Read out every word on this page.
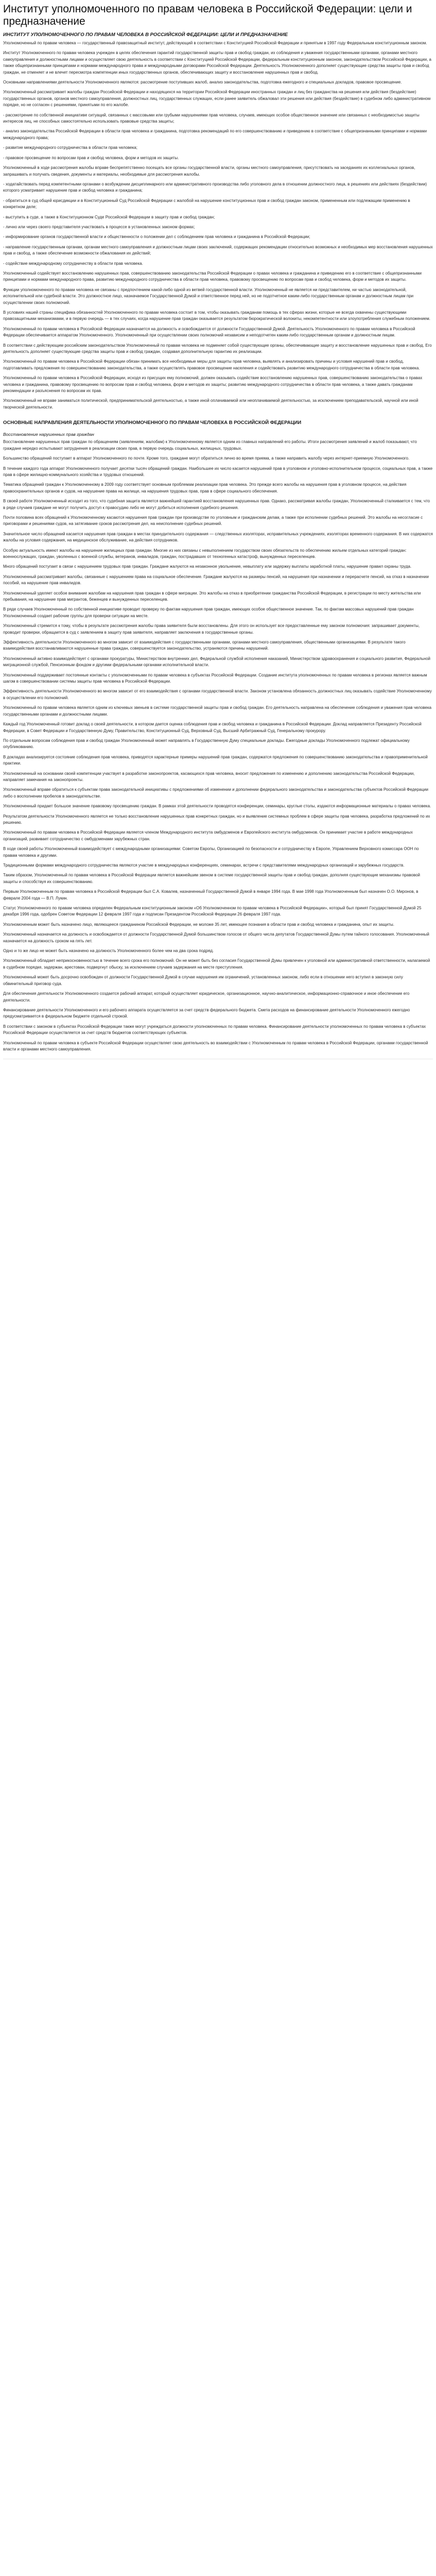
Институт уполномоченного по правам человека в Российской Федерации: цели и предназначение
ИНСТИТУТ УПОЛНОМОЧЕННОГО ПО ПРАВАМ ЧЕЛОВЕКА В РОССИЙСКОЙ ФЕДЕРАЦИИ: ЦЕЛИ И ПРЕДНАЗНАЧЕНИЕ

Уполномоченный по правам человека — государственный правозащитный институт, действующий в соответствии с Конституцией Российской Федерации и принятым в 1997 году Федеральным конституционным законом.

Институт Уполномоченного по правам человека учрежден в целях обеспечения гарантий государственной защиты прав и свобод граждан, их соблюдения и уважения государственными органами, органами местного самоуправления и должностными лицами и осуществляет свою деятельность в соответствии с Конституцией Российской Федерации, федеральным конституционным законом, законодательством Российской Федерации, а также общепризнанными принципами и нормами международного права и международными договорами Российской Федерации. Деятельность Уполномоченного дополняет существующие средства защиты прав и свобод граждан, не отменяет и не влечет пересмотра компетенции иных государственных органов, обеспечивающих защиту и восстановление нарушенных прав и свобод.

Основными направлениями деятельности Уполномоченного являются: рассмотрение поступивших жалоб, анализ законодательства, подготовка ежегодного и специальных докладов, правовое просвещение.

Уполномоченный рассматривает жалобы граждан Российской Федерации и находящихся на территории Российской Федерации иностранных граждан и лиц без гражданства на решения или действия (бездействие) государственных органов, органов местного самоуправления, должностных лиц, государственных служащих, если ранее заявитель обжаловал эти решения или действия (бездействие) в судебном либо административном порядке, но не согласен с решениями, принятыми по его жалобе.

- рассмотрение по собственной инициативе ситуаций, связанных с массовыми или грубыми нарушениями прав человека, случаев, имеющих особое общественное значение или связанных с необходимостью защиты интересов лиц, не способных самостоятельно использовать правовые средства защиты;

- анализ законодательства Российской Федерации в области прав человека и гражданина, подготовка рекомендаций по его совершенствованию и приведению в соответствие с общепризнанными принципами и нормами международного права;

- развитие международного сотрудничества в области прав человека;

- правовое просвещение по вопросам прав и свобод человека, форм и методов их защиты.

Уполномоченный в ходе рассмотрения жалобы вправе беспрепятственно посещать все органы государственной власти, органы местного самоуправления, присутствовать на заседаниях их коллегиальных органов, запрашивать и получать сведения, документы и материалы, необходимые для рассмотрения жалобы.

- ходатайствовать перед компетентными органами о возбуждении дисциплинарного или административного производства либо уголовного дела в отношении должностного лица, в решениях или действиях (бездействии) которого усматривает нарушение прав и свобод человека и гражданина;

- обратиться в суд общей юрисдикции и в Конституционный Суд Российской Федерации с жалобой на нарушение конституционных прав и свобод граждан законом, примененным или подлежащим применению в конкретном деле;

- выступить в суде, а также в Конституционном Суде Российской Федерации в защиту прав и свобод граждан;

- лично или через своего представителя участвовать в процессе в установленных законом формах;

- информирование органов государственной власти и общественности о положении дел с соблюдением прав человека и гражданина в Российской Федерации;

- направление государственным органам, органам местного самоуправления и должностным лицам своих заключений, содержащих рекомендации относительно возможных и необходимых мер восстановления нарушенных прав и свобод, а также обеспечение возможности обжалования их действий;

- содействие международному сотрудничеству в области прав человека.

Уполномоченный содействует восстановлению нарушенных прав, совершенствованию законодательства Российской Федерации о правах человека и гражданина и приведению его в соответствие с общепризнанными принципами и нормами международного права, развитию международного сотрудничества в области прав человека, правовому просвещению по вопросам прав и свобод человека, форм и методов их защиты.

Функции уполномоченного по правам человека не связаны с предпочтением какой-либо одной из ветвей государственной власти. Уполномоченный не является ни представителем, ни частью законодательной, исполнительной или судебной власти. Это должностное лицо, назначаемое Государственной Думой и ответственное перед ней, но не подотчетное каким-либо государственным органам и должностным лицам при осуществлении своих полномочий.

В условиях нашей страны специфика обязанностей Уполномоченного по правам человека состоит в том, чтобы оказывать гражданам помощь в тех сферах жизни, которые не всегда охвачены существующими правозащитными механизмами, и в первую очередь — в тех случаях, когда нарушение прав граждан оказывается результатом бюрократической волокиты, некомпетентности или злоупотребления служебным положением.

Уполномоченный по правам человека в Российской Федерации назначается на должность и освобождается от должности Государственной Думой. Деятельность Уполномоченного по правам человека в Российской Федерации обеспечивается аппаратом Уполномоченного. Уполномоченный при осуществлении своих полномочий независим и неподотчетен каким-либо государственным органам и должностным лицам.

В соответствии с действующим российским законодательством Уполномоченный по правам человека не подменяет собой существующие органы, обеспечивающие защиту и восстановление нарушенных прав и свобод. Его деятельность дополняет существующие средства защиты прав и свобод граждан, создавая дополнительную гарантию их реализации.

Уполномоченный по правам человека в Российской Федерации обязан принимать все необходимые меры для защиты прав человека, выявлять и анализировать причины и условия нарушений прав и свобод, подготавливать предложения по совершенствованию законодательства, а также осуществлять правовое просвещение населения и содействовать развитию международного сотрудничества в области прав человека.

Уполномоченный по правам человека в Российской Федерации, исходя из присущих ему полномочий, должен оказывать содействие восстановлению нарушенных прав, совершенствованию законодательства о правах человека и гражданина, правовому просвещению по вопросам прав и свобод человека, форм и методов их защиты; развитию международного сотрудничества в области прав человека, а также давать гражданам рекомендации и разъяснения по вопросам их прав.

Уполномоченный не вправе заниматься политической, предпринимательской деятельностью, а также иной оплачиваемой или неоплачиваемой деятельностью, за исключением преподавательской, научной или иной творческой деятельности.

ОСНОВНЫЕ НАПРАВЛЕНИЯ ДЕЯТЕЛЬНОСТИ УПОЛНОМОЧЕННОГО ПО ПРАВАМ ЧЕЛОВЕКА В РОССИЙСКОЙ ФЕДЕРАЦИИ
Восстановление нарушенных прав граждан

Восстановление нарушенных прав граждан по обращениям (заявлениям, жалобам) к Уполномоченному является одним из главных направлений его работы. Итоги рассмотрения заявлений и жалоб показывают, что граждане нередко испытывают затруднения в реализации своих прав, в первую очередь социальных, жилищных, трудовых.

Большинство обращений поступает в аппарат Уполномоченного по почте. Кроме того, граждане могут обратиться лично во время приема, а также направить жалобу через интернет-приемную Уполномоченного.

В течение каждого года аппарат Уполномоченного получает десятки тысяч обращений граждан. Наибольшее их число касается нарушений прав в уголовном и уголовно-исполнительном процессе, социальных прав, а также прав в сфере жилищно-коммунального хозяйства и трудовых отношений.

Тематика обращений граждан к Уполномоченному в 2009 году соответствует основным проблемам реализации прав человека. Это прежде всего жалобы на нарушения прав в уголовном процессе, на действия правоохранительных органов и судов, на нарушение права на жилище, на нарушения трудовых прав, прав в сфере социального обеспечения.

В своей работе Уполномоченный исходит из того, что судебная защита является важнейшей гарантией восстановления нарушенных прав. Однако, рассматривая жалобы граждан, Уполномоченный сталкивается с тем, что в ряде случаев граждане не могут получить доступ к правосудию либо не могут добиться исполнения судебного решения.

Почти половина всех обращений к Уполномоченному касаются нарушения прав граждан при производстве по уголовным и гражданским делам, а также при исполнении судебных решений. Это жалобы на несогласие с приговорами и решениями судов, на затягивание сроков рассмотрения дел, на неисполнение судебных решений.

Значительное число обращений касается нарушения прав граждан в местах принудительного содержания — следственных изоляторах, исправительных учреждениях, изоляторах временного содержания. В них содержатся жалобы на условия содержания, на медицинское обслуживание, на действия сотрудников.

Особую актуальность имеют жалобы на нарушение жилищных прав граждан. Многие из них связаны с невыполнением государством своих обязательств по обеспечению жильем отдельных категорий граждан: военнослужащих, граждан, уволенных с военной службы, ветеранов, инвалидов, граждан, пострадавших от техногенных катастроф, вынужденных переселенцев.

Много обращений поступает в связи с нарушением трудовых прав граждан. Граждане жалуются на незаконное увольнение, невыплату или задержку выплаты заработной платы, нарушение правил охраны труда.

Уполномоченный рассматривает жалобы, связанные с нарушением права на социальное обеспечение. Граждане жалуются на размеры пенсий, на нарушения при назначении и перерасчете пенсий, на отказ в назначении пособий, на нарушение прав инвалидов.

Уполномоченный уделяет особое внимание жалобам на нарушения прав граждан в сфере миграции. Это жалобы на отказ в приобретении гражданства Российской Федерации, в регистрации по месту жительства или пребывания, на нарушение прав мигрантов, беженцев и вынужденных переселенцев.

В ряде случаев Уполномоченный по собственной инициативе проводит проверку по фактам нарушения прав граждан, имеющих особое общественное значение. Так, по фактам массовых нарушений прав граждан Уполномоченный создает рабочие группы для проверки ситуации на месте.

Уполномоченный стремится к тому, чтобы в результате рассмотрения жалобы права заявителя были восстановлены. Для этого он использует все предоставленные ему законом полномочия: запрашивает документы, проводит проверки, обращается в суд с заявлением в защиту прав заявителя, направляет заключения в государственные органы.

Эффективность деятельности Уполномоченного во многом зависит от взаимодействия с государственными органами, органами местного самоуправления, общественными организациями. В результате такого взаимодействия восстанавливаются нарушенные права граждан, совершенствуется законодательство, устраняются причины нарушений.

Уполномоченный активно взаимодействует с органами прокуратуры, Министерством внутренних дел, Федеральной службой исполнения наказаний, Министерством здравоохранения и социального развития, Федеральной миграционной службой, Пенсионным фондом и другими федеральными органами исполнительной власти.

Уполномоченный поддерживает постоянные контакты с уполномоченными по правам человека в субъектах Российской Федерации. Создание института уполномоченных по правам человека в регионах является важным шагом в совершенствовании системы защиты прав человека в Российской Федерации.

Эффективность деятельности Уполномоченного во многом зависит от его взаимодействия с органами государственной власти. Законом установлена обязанность должностных лиц оказывать содействие Уполномоченному в осуществлении его полномочий.

Уполномоченный по правам человека является одним из ключевых звеньев в системе государственной защиты прав и свобод граждан. Его деятельность направлена на обеспечение соблюдения и уважения прав человека государственными органами и должностными лицами.

Каждый год Уполномоченный готовит доклад о своей деятельности, в котором дается оценка соблюдения прав и свобод человека и гражданина в Российской Федерации. Доклад направляется Президенту Российской Федерации, в Совет Федерации и Государственную Думу, Правительство, Конституционный Суд, Верховный Суд, Высший Арбитражный Суд, Генеральному прокурору.

По отдельным вопросам соблюдения прав и свобод граждан Уполномоченный может направлять в Государственную Думу специальные доклады. Ежегодные доклады Уполномоченного подлежат официальному опубликованию.

В докладах анализируется состояние соблюдения прав человека, приводятся характерные примеры нарушений прав граждан, содержатся предложения по совершенствованию законодательства и правоприменительной практики.

Уполномоченный на основании своей компетенции участвует в разработке законопроектов, касающихся прав человека, вносит предложения по изменению и дополнению законодательства Российской Федерации, направляет замечания на законопроекты.

Уполномоченный вправе обратиться к субъектам права законодательной инициативы с предложениями об изменении и дополнении федерального законодательства и законодательства субъектов Российской Федерации либо о восполнении пробелов в законодательстве.

Уполномоченный придает большое значение правовому просвещению граждан. В рамках этой деятельности проводятся конференции, семинары, круглые столы, издаются информационные материалы о правах человека.

Результатом деятельности Уполномоченного является не только восстановление нарушенных прав конкретных граждан, но и выявление системных проблем в сфере защиты прав человека, разработка предложений по их решению.

Уполномоченный по правам человека в Российской Федерации является членом Международного института омбудсменов и Европейского института омбудсменов. Он принимает участие в работе международных организаций, развивает сотрудничество с омбудсменами зарубежных стран.

В ходе своей работы Уполномоченный взаимодействует с международными организациями: Советом Европы, Организацией по безопасности и сотрудничеству в Европе, Управлением Верховного комиссара ООН по правам человека и другими.

Традиционными формами международного сотрудничества являются участие в международных конференциях, семинарах, встречи с представителями международных организаций и зарубежных государств.

Таким образом, Уполномоченный по правам человека в Российской Федерации является важнейшим звеном в системе государственной защиты прав и свобод граждан, дополняя существующие механизмы правовой защиты и способствуя их совершенствованию.

Первым Уполномоченным по правам человека в Российской Федерации был С.А. Ковалев, назначенный Государственной Думой в январе 1994 года. В мае 1998 года Уполномоченным был назначен О.О. Миронов, в феврале 2004 года — В.П. Лукин.

Статус Уполномоченного по правам человека определен Федеральным конституционным законом «Об Уполномоченном по правам человека в Российской Федерации», который был принят Государственной Думой 25 декабря 1996 года, одобрен Советом Федерации 12 февраля 1997 года и подписан Президентом Российской Федерации 26 февраля 1997 года.

Уполномоченным может быть назначено лицо, являющееся гражданином Российской Федерации, не моложе 35 лет, имеющее познания в области прав и свобод человека и гражданина, опыт их защиты.

Уполномоченный назначается на должность и освобождается от должности Государственной Думой большинством голосов от общего числа депутатов Государственной Думы путем тайного голосования. Уполномоченный назначается на должность сроком на пять лет.

Одно и то же лицо не может быть назначено на должность Уполномоченного более чем на два срока подряд.

Уполномоченный обладает неприкосновенностью в течение всего срока его полномочий. Он не может быть без согласия Государственной Думы привлечен к уголовной или административной ответственности, налагаемой в судебном порядке, задержан, арестован, подвергнут обыску, за исключением случаев задержания на месте преступления.

Уполномоченный может быть досрочно освобожден от должности Государственной Думой в случае нарушения им ограничений, установленных законом, либо если в отношении него вступил в законную силу обвинительный приговор суда.

Для обеспечения деятельности Уполномоченного создается рабочий аппарат, который осуществляет юридическое, организационное, научно-аналитическое, информационно-справочное и иное обеспечение его деятельности.

Финансирование деятельности Уполномоченного и его рабочего аппарата осуществляется за счет средств федерального бюджета. Смета расходов на финансирование деятельности Уполномоченного ежегодно предусматривается в федеральном бюджете отдельной строкой.

В соответствии с законом в субъектах Российской Федерации также могут учреждаться должности уполномоченных по правам человека. Финансирование деятельности уполномоченных по правам человека в субъектах Российской Федерации осуществляется за счет средств бюджетов соответствующих субъектов.

Уполномоченный по правам человека в субъекте Российской Федерации осуществляет свою деятельность во взаимодействии с Уполномоченным по правам человека в Российской Федерации, органами государственной власти и органами местного самоуправления.
